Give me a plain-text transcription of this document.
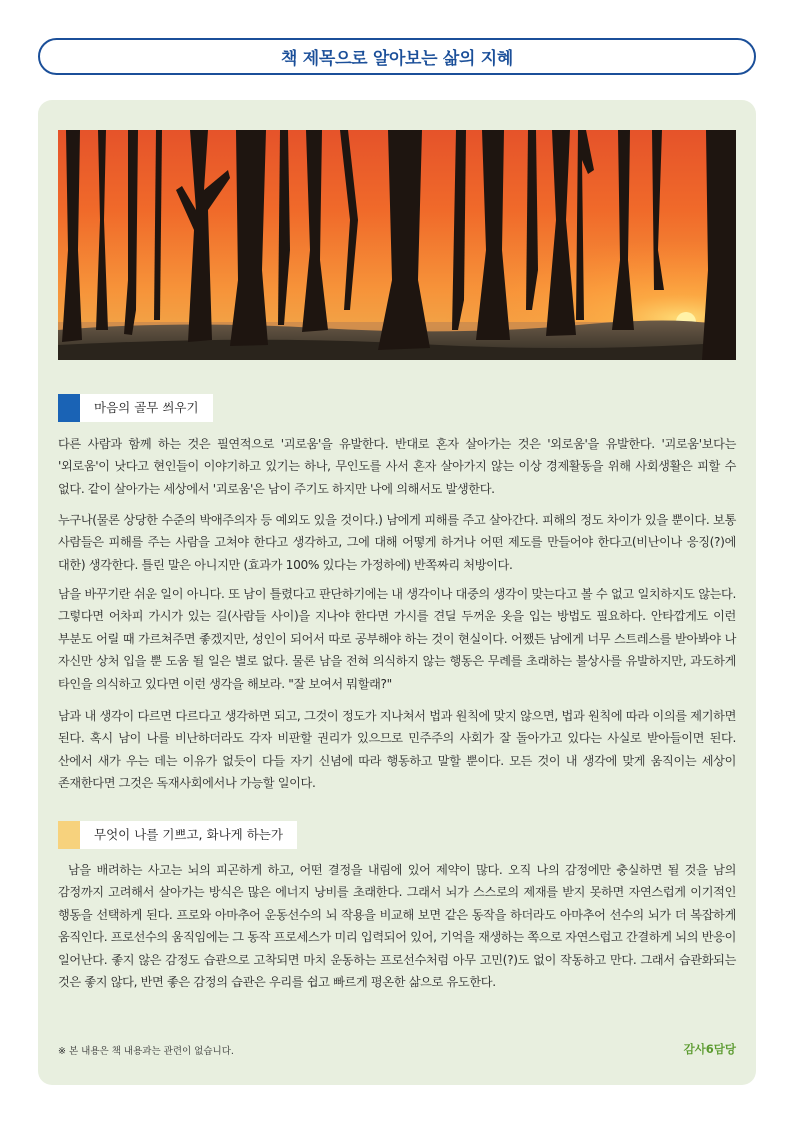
책 제목으로 알아보는 삶의 지혜
마음의 골무 씌우기

다른 사람과 함께 하는 것은 필연적으로 '괴로움'을 유발한다. 반대로 혼자 살아가는 것은 '외로움'을 유발한다. '괴로움'보다는 '외로움'이 낫다고 현인들이 이야기하고 있기는 하나, 무인도를 사서 혼자 살아가지 않는 이상 경제활동을 위해 사회생활은 피할 수 없다. 같이 살아가는 세상에서 '괴로움'은 남이 주기도 하지만 나에 의해서도 발생한다.

누구나(물론 상당한 수준의 박애주의자 등 예외도 있을 것이다.) 남에게 피해를 주고 살아간다. 피해의 정도 차이가 있을 뿐이다. 보통 사람들은 피해를 주는 사람을 고쳐야 한다고 생각하고, 그에 대해 어떻게 하거나 어떤 제도를 만들어야 한다고(비난이나 응징(?)에 대한) 생각한다. 틀린 말은 아니지만 (효과가 100% 있다는 가정하에) 반쪽짜리 처방이다.

남을 바꾸기란 쉬운 일이 아니다. 또 남이 틀렸다고 판단하기에는 내 생각이나 대중의 생각이 맞는다고 볼 수 없고 일치하지도 않는다. 그렇다면 어차피 가시가 있는 길(사람들 사이)을 지나야 한다면 가시를 견딜 두꺼운 옷을 입는 방법도 필요하다. 안타깝게도 이런 부분도 어릴 때 가르쳐주면 좋겠지만, 성인이 되어서 따로 공부해야 하는 것이 현실이다. 어쨌든 남에게 너무 스트레스를 받아봐야 나 자신만 상처 입을 뿐 도움 될 일은 별로 없다. 물론 남을 전혀 의식하지 않는 행동은 무례를 초래하는 불상사를 유발하지만, 과도하게 타인을 의식하고 있다면 이런 생각을 해보라. "잘 보여서 뭐할래?"

남과 내 생각이 다르면 다르다고 생각하면 되고, 그것이 정도가 지나쳐서 법과 원칙에 맞지 않으면, 법과 원칙에 따라 이의를 제기하면 된다. 혹시 남이 나를 비난하더라도 각자 비판할 권리가 있으므로 민주주의 사회가 잘 돌아가고 있다는 사실로 받아들이면 된다. 산에서 새가 우는 데는 이유가 없듯이 다들 자기 신념에 따라 행동하고 말할 뿐이다. 모든 것이 내 생각에 맞게 움직이는 세상이 존재한다면 그것은 독재사회에서나 가능할 일이다.

무엇이 나를 기쁘고, 화나게 하는가

남을 배려하는 사고는 뇌의 피곤하게 하고, 어떤 결정을 내림에 있어 제약이 많다. 오직 나의 감정에만 충실하면 될 것을 남의 감정까지 고려해서 살아가는 방식은 많은 에너지 낭비를 초래한다. 그래서 뇌가 스스로의 제재를 받지 못하면 자연스럽게 이기적인 행동을 선택하게 된다. 프로와 아마추어 운동선수의 뇌 작용을 비교해 보면 같은 동작을 하더라도 아마추어 선수의 뇌가 더 복잡하게 움직인다. 프로선수의 움직임에는 그 동작 프로세스가 미리 입력되어 있어, 기억을 재생하는 쪽으로 자연스럽고 간결하게 뇌의 반응이 일어난다. 좋지 않은 감정도 습관으로 고착되면 마치 운동하는 프로선수처럼 아무 고민(?)도 없이 작동하고 만다. 그래서 습관화되는 것은 좋지 않다, 반면 좋은 감정의 습관은 우리를 쉽고 빠르게 평온한 삶으로 유도한다.

※ 본 내용은 책 내용과는 관련이 없습니다.	감사6담당
